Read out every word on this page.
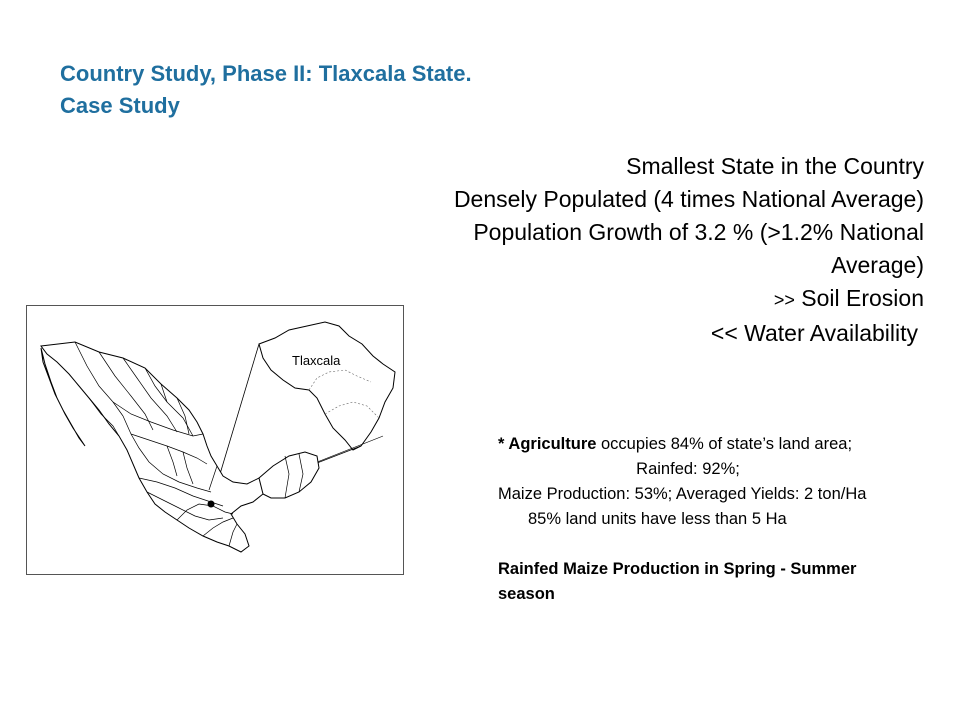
Country Study, Phase II: Tlaxcala State.
Case Study
Smallest State in the Country
Densely Populated (4 times National Average)
Population Growth of 3.2 % (>1.2% National Average)
>> Soil Erosion
<< Water Availability
Tlaxcala
* Agriculture occupies 84% of state’s land area;
Rainfed: 92%;
Maize Production: 53%; Averaged Yields: 2 ton/Ha
85% land units have less than 5 Ha
Rainfed Maize Production in Spring - Summer season
